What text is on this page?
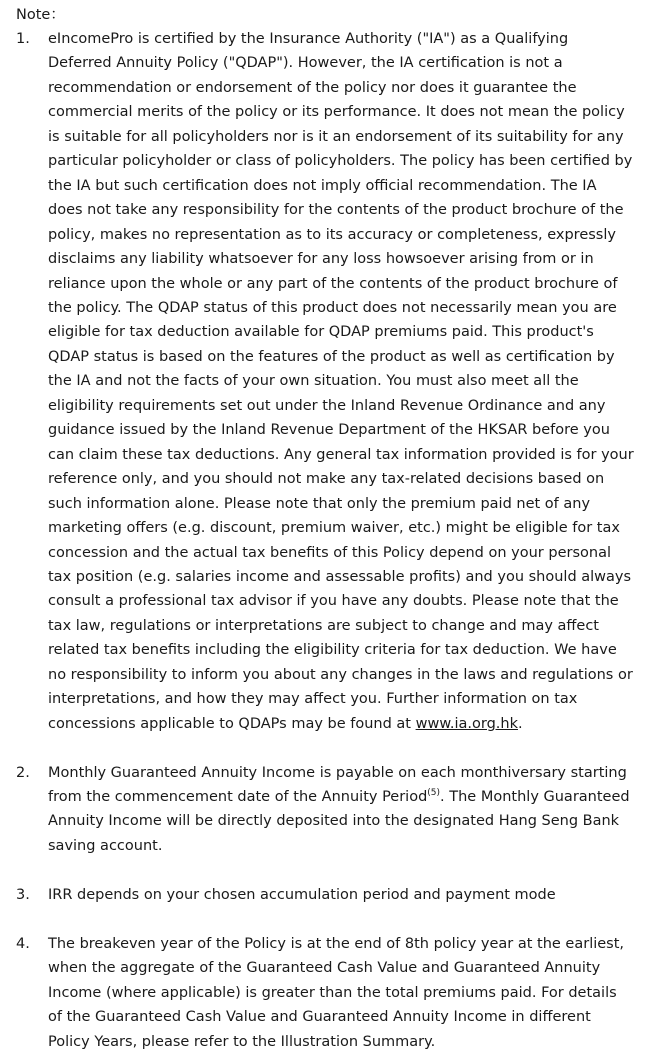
Note：
1. eIncomePro is certified by the Insurance Authority ("IA") as a Qualifying Deferred Annuity Policy ("QDAP"). However, the IA certification is not a recommendation or endorsement of the policy nor does it guarantee the commercial merits of the policy or its performance. It does not mean the policy is suitable for all policyholders nor is it an endorsement of its suitability for any particular policyholder or class of policyholders. The policy has been certified by the IA but such certification does not imply official recommendation. The IA does not take any responsibility for the contents of the product brochure of the policy, makes no representation as to its accuracy or completeness, expressly disclaims any liability whatsoever for any loss howsoever arising from or in reliance upon the whole or any part of the contents of the product brochure of the policy. The QDAP status of this product does not necessarily mean you are eligible for tax deduction available for QDAP premiums paid. This product's QDAP status is based on the features of the product as well as certification by the IA and not the facts of your own situation. You must also meet all the eligibility requirements set out under the Inland Revenue Ordinance and any guidance issued by the Inland Revenue Department of the HKSAR before you can claim these tax deductions. Any general tax information provided is for your reference only, and you should not make any tax-related decisions based on such information alone. Please note that only the premium paid net of any marketing offers (e.g. discount, premium waiver, etc.) might be eligible for tax concession and the actual tax benefits of this Policy depend on your personal tax position (e.g. salaries income and assessable profits) and you should always consult a professional tax advisor if you have any doubts. Please note that the tax law, regulations or interpretations are subject to change and may affect related tax benefits including the eligibility criteria for tax deduction. We have no responsibility to inform you about any changes in the laws and regulations or interpretations, and how they may affect you. Further information on tax concessions applicable to QDAPs may be found at www.ia.org.hk.
2. Monthly Guaranteed Annuity Income is payable on each monthiversary starting from the commencement date of the Annuity Period$^{(5)}$. The Monthly Guaranteed Annuity Income will be directly deposited into the designated Hang Seng Bank saving account.
3. IRR depends on your chosen accumulation period and payment mode
4. The breakeven year of the Policy is at the end of 8th policy year at the earliest, when the aggregate of the Guaranteed Cash Value and Guaranteed Annuity Income (where applicable) is greater than the total premiums paid. For details of the Guaranteed Cash Value and Guaranteed Annuity Income in different Policy Years, please refer to the Illustration Summary.
